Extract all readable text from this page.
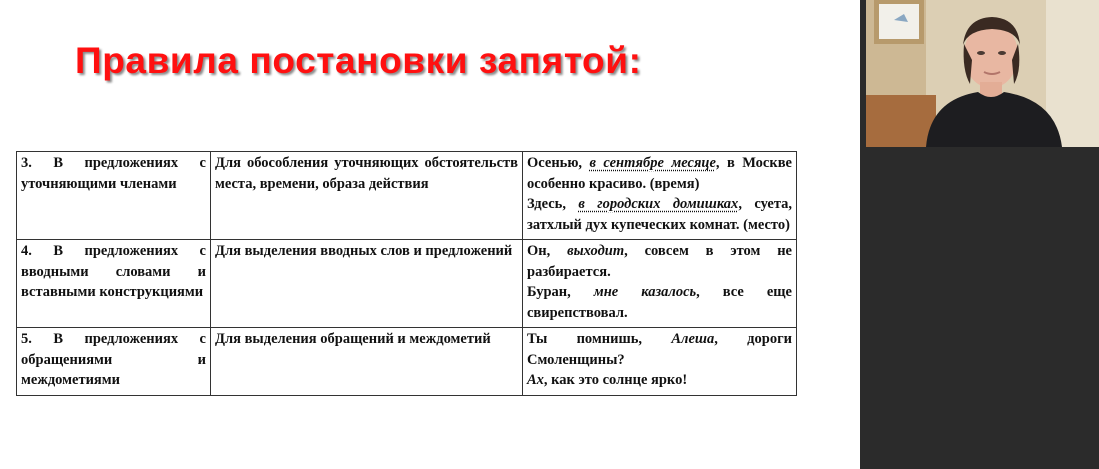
Правила постановки запятой:
3. В предложениях с уточняющими членами	Для обособления уточняющих обстоятельств места, времени, образа действия	Осенью, в сентябре месяце, в Москве особенно красиво. (время)
Здесь, в городских домишках, суета, затхлый дух купеческих комнат. (место)

4. В предложениях с вводными словами и вставными конструкциями	Для выделения вводных слов и предложений	Он, выходит, совсем в этом не разбирается.
Буран, мне казалось, все еще свирепствовал.

5. В предложениях с обращениями и междометиями	Для выделения обращений и междометий	Ты помнишь, Алеша, дороги Смоленщины?
Ах, как это солнце ярко!
